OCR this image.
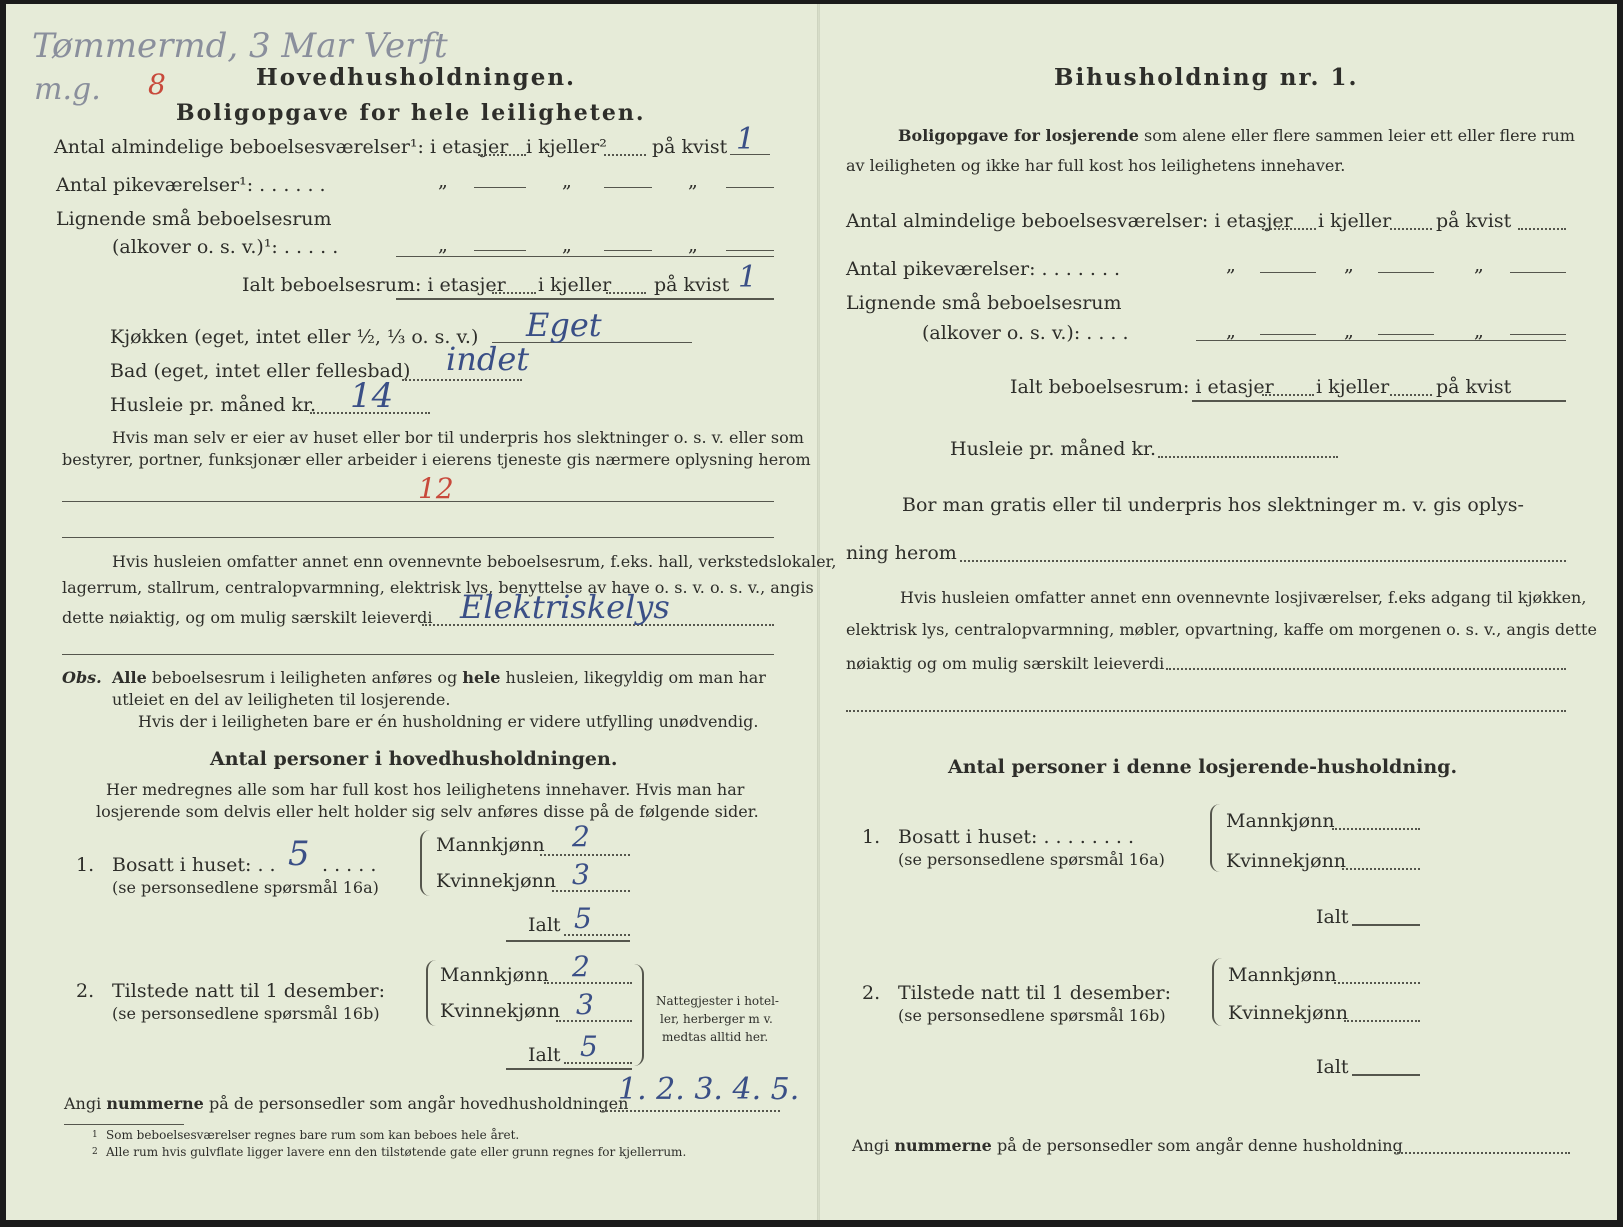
Tømmermd, 3 Mar Verft
m.g. 8	Hovedhusholdningen.
Boligopgave for hele leiligheten.
Antal almindelige beboelsesværelser¹: i etasjer i kjeller² på kvist 1
Antal pikeværelser¹: . . . . . .	„	„	„
Lignende små beboelsesrum
(alkover o. s. v.)¹: . . . . .	„	„	„
Ialt beboelsesrum: i etasjer i kjeller på kvist 1
Kjøkken (eget, intet eller ½, ⅓ o. s. v.) Eget
Bad (eget, intet eller fellesbad) indet
Husleie pr. måned kr. 14
Hvis man selv er eier av huset eller bor til underpris hos slektninger o. s. v. eller som
bestyrer, portner, funksjonær eller arbeider i eierens tjeneste gis nærmere oplysning herom
12
Hvis husleien omfatter annet enn ovennevnte beboelsesrum, f.eks. hall, verkstedslokaler,
lagerrum, stallrum, centralopvarmning, elektrisk lys, benyttelse av have o. s. v. o. s. v., angis
dette nøiaktig, og om mulig særskilt leieverdi Elektriskelys
Obs. Alle beboelsesrum i leiligheten anføres og hele husleien, likegyldig om man har
utleiet en del av leiligheten til losjerende.
Hvis der i leiligheten bare er én husholdning er videre utfylling unødvendig.
Antal personer i hovedhusholdningen.
Her medregnes alle som har full kost hos leilighetens innehaver. Hvis man har
losjerende som delvis eller helt holder sig selv anføres disse på de følgende sider.
1. Bosatt i huset: . . 5 . . . . .
(se personsedlene spørsmål 16a)
Mannkjønn 2
Kvinnekjønn 3
Ialt 5
2. Tilstede natt til 1 desember:
(se personsedlene spørsmål 16b)
Mannkjønn 2
Kvinnekjønn 3
Ialt 5
Nattegjester i hotel-
ler, herberger m v.
medtas alltid her.
Angi nummerne på de personsedler som angår hovedhusholdningen
1. 2. 3. 4. 5.
1 Som beboelsesværelser regnes bare rum som kan beboes hele året.
2 Alle rum hvis gulvflate ligger lavere enn den tilstøtende gate eller grunn regnes for kjellerrum.
Bihusholdning nr. 1.
Boligopgave for losjerende som alene eller flere sammen leier ett eller flere rum
av leiligheten og ikke har full kost hos leilighetens innehaver.
Antal almindelige beboelsesværelser: i etasjer i kjeller på kvist
Antal pikeværelser: . . . . . . .	„	„	„
Lignende små beboelsesrum
(alkover o. s. v.): . . . .	„	„	„
Ialt beboelsesrum: i etasjer i kjeller på kvist
Husleie pr. måned kr.
Bor man gratis eller til underpris hos slektninger m. v. gis oplys-
ning herom
Hvis husleien omfatter annet enn ovennevnte losjiværelser, f.eks adgang til kjøkken,
elektrisk lys, centralopvarmning, møbler, opvartning, kaffe om morgenen o. s. v., angis dette
nøiaktig og om mulig særskilt leieverdi
Antal personer i denne losjerende-husholdning.
1. Bosatt i huset: . . . . . . . .
(se personsedlene spørsmål 16a)
Mannkjønn
Kvinnekjønn
Ialt
2. Tilstede natt til 1 desember:
(se personsedlene spørsmål 16b)
Mannkjønn
Kvinnekjønn
Ialt
Angi nummerne på de personsedler som angår denne husholdning
